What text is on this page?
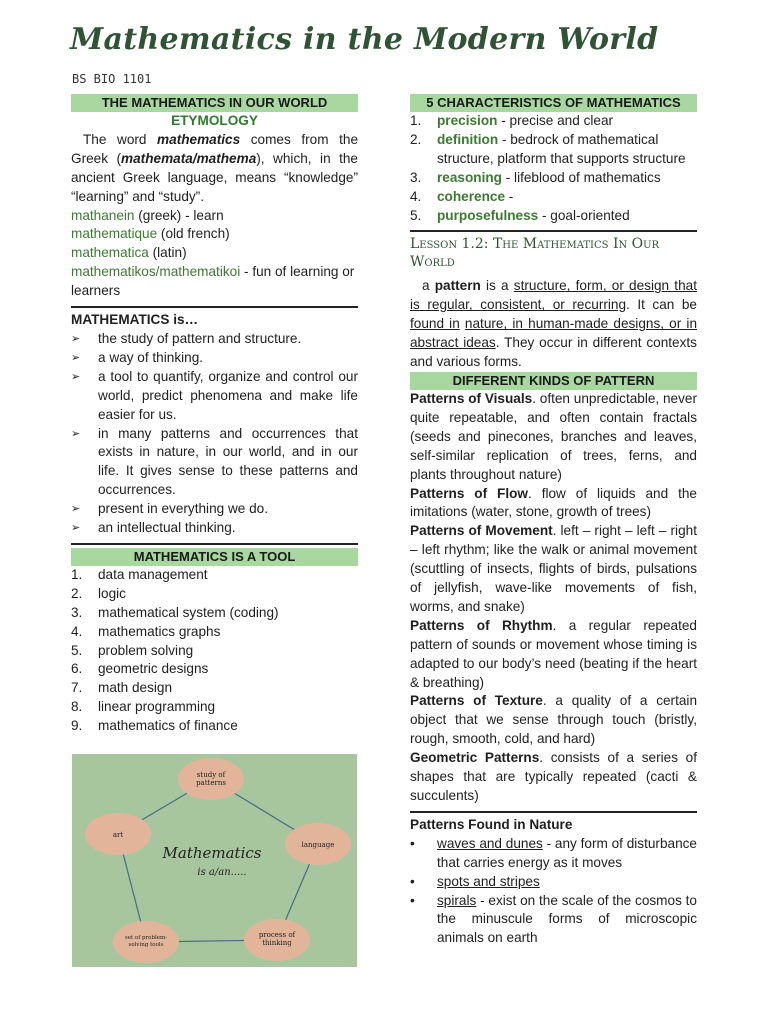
Mathematics in the Modern World
BS BIO 1101
THE MATHEMATICS IN OUR WORLD
ETYMOLOGY
The word mathematics comes from the Greek (mathemata/mathema), which, in the ancient Greek language, means “knowledge” “learning” and “study”.
mathanein (greek) - learn
mathematique (old french)
mathematica (latin)
mathematikos/mathematikoi - fun of learning or learners
MATHEMATICS is…
➢	the study of pattern and structure.
➢	a way of thinking.
➢	a tool to quantify, organize and control our world, predict phenomena and make life easier for us.
➢	in many patterns and occurrences that exists in nature, in our world, and in our life. It gives sense to these patterns and occurrences.
➢	present in everything we do.
➢	an intellectual thinking.
MATHEMATICS IS A TOOL
1.	data management
2.	logic
3.	mathematical system (coding)
4.	mathematics graphs
5.	problem solving
6.	geometric designs
7.	math design
8.	linear programming
9.	mathematics of finance
study of
patterns
language
process of
thinking
set of problem-
solving tools
art
Mathematics
is a/an.....
5 CHARACTERISTICS OF MATHEMATICS
1.	precision - precise and clear
2.	definition - bedrock of mathematical structure, platform that supports structure
3.	reasoning - lifeblood of mathematics
4.	coherence -
5.	purposefulness - goal-oriented
Lesson 1.2: The Mathematics In Our World
a pattern is a structure, form, or design that is regular, consistent, or recurring. It can be found in nature, in human-made designs, or in abstract ideas. They occur in different contexts and various forms.
DIFFERENT KINDS OF PATTERN
Patterns of Visuals. often unpredictable, never quite repeatable, and often contain fractals (seeds and pinecones, branches and leaves, self-similar replication of trees, ferns, and plants throughout nature)
Patterns of Flow. flow of liquids and the imitations (water, stone, growth of trees)
Patterns of Movement. left – right – left – right – left rhythm; like the walk or animal movement (scuttling of insects, flights of birds, pulsations of jellyfish, wave-like movements of fish, worms, and snake)
Patterns of Rhythm. a regular repeated pattern of sounds or movement whose timing is adapted to our body’s need (beating if the heart & breathing)
Patterns of Texture. a quality of a certain object that we sense through touch (bristly, rough, smooth, cold, and hard)
Geometric Patterns. consists of a series of shapes that are typically repeated (cacti & succulents)
Patterns Found in Nature
•	waves and dunes - any form of disturbance that carries energy as it moves
•	spots and stripes
•	spirals - exist on the scale of the cosmos to the minuscule forms of microscopic animals on earth
